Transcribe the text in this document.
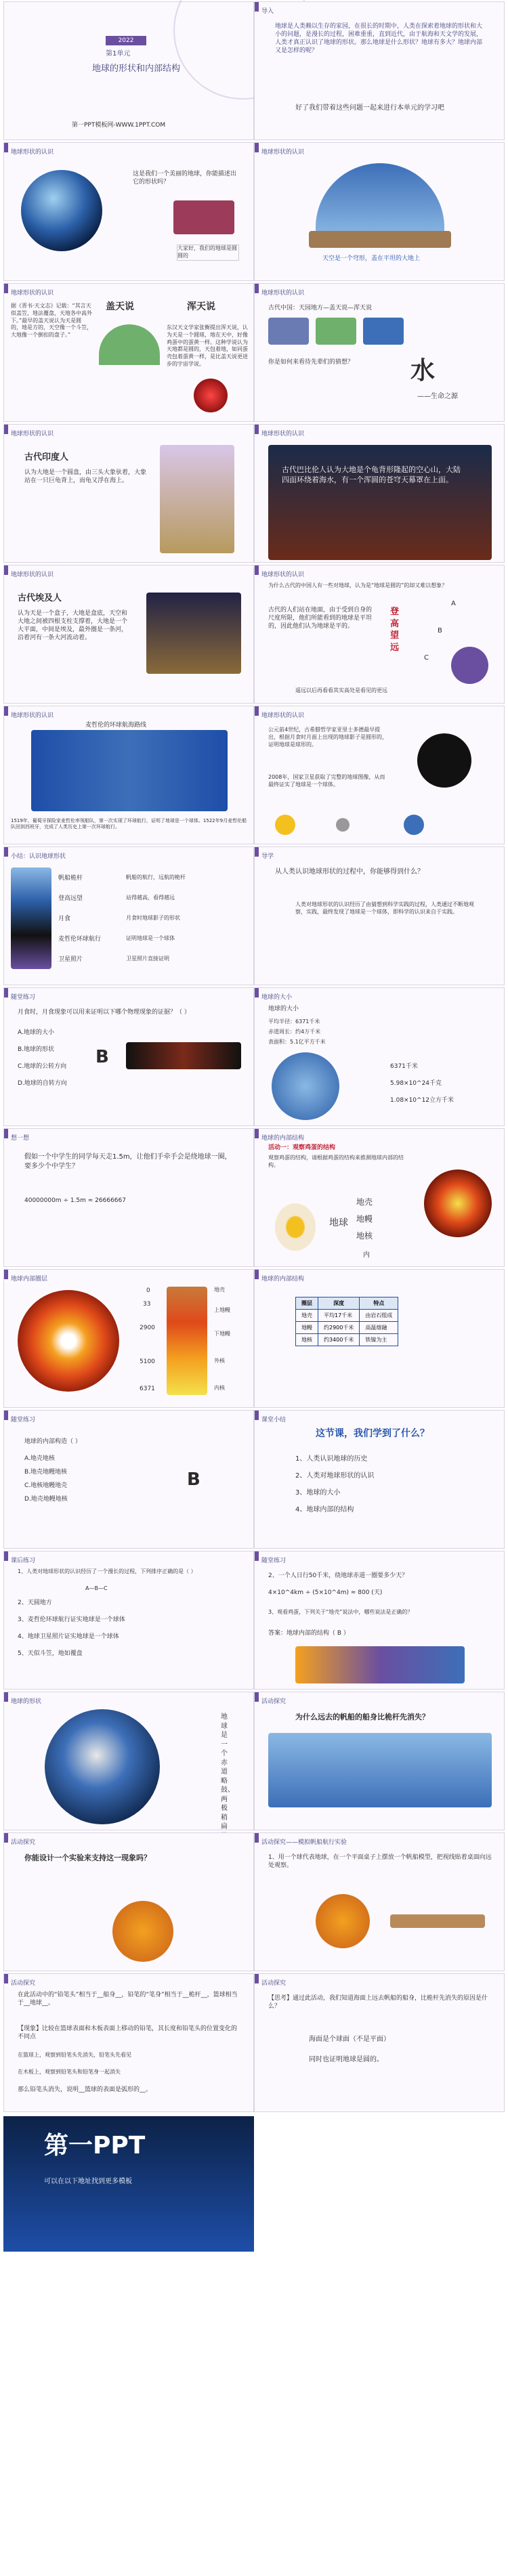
2022
第1单元
地球的形状和内部结构
第一PPT模板网-WWW.1PPT.COM
导入
地球是人类赖以生存的家园，在很长的时期中，人类在探索着地球的形状和大小的问题，是漫长的过程，困难重重，直到近代，由于航海和天文学的发展，人类才真正认识了地球的形状。那么地球是什么形状？地球有多大？地球内部又是怎样的呢？
好了我们带着这些问题一起来进行本单元的学习吧
地球形状的认识
这是我们一个美丽的地球，你能描述出它的形状吗？
大家好，我们的地球是圆圆的
地球形状的认识
天空是一个穹形，盖在平坦的大地上
地球形状的认识
据《晋书·天文志》记载：“其言天似盖笠，地法覆盘，天地各中高外下。”最早的盖天说认为天是圆的，地是方的，天空像一个斗笠，大地像一个倒扣的盘子。”
盖天说	浑天说
东汉天文学家张衡提出浑天说，认为天是一个圆球，地在天中，好像鸡蛋中的蛋黄一样。这种学说认为天地都是圆的，天包着地，如同蛋壳包着蛋黄一样，是比盖天说更进步的宇宙学说。
地球形状的认识
古代中国：天园地方—盖天说—浑天说
你是如何来看待先辈们的猜想？	水
——生命之源
地球形状的认识
古代印度人
认为大地是一个圆盘，由三头大象驮着，大象站在一只巨龟背上，而龟又浮在海上。
地球形状的认识
古代巴比伦人认为大地是个龟背形隆起的空心山，大陆四面环绕着海水，有一个浑圆的苍穹天幕罩在上面。
地球形状的认识
古代埃及人
认为天是一个盒子，大地是盒底，天空和大地之间被四根支柱支撑着，大地是一个大平面，中间是埃及，最外圈是一条河，沿着河有一条大河流动着。
地球形状的认识
为什么古代的中国人有一些对地球，认为是“地球是圆的”的却又难以想象？
古代的人们站在地面，由于受到自身的尺度所限，他们所能看到的地球是平坦的，因此他们认为地球是平的。
登高望远
A
B
C
遥远以后再看看其实高处是看见的更远
地球形状的认识
麦哲伦的环球航海路线
1519年，葡萄牙探险家麦哲伦率领船队，第一次实现了环球航行，证明了地球是一个球体。1522年9月麦哲伦船队回到西班牙，完成了人类历史上第一次环球航行。
地球形状的认识
公元前4世纪，古希腊哲学家亚里士多德最早提出，根据月食时月面上出现的地球影子是圆形的，证明地球是球形的。
2008年，国家卫星获取了完整的地球图像，从而最终证实了地球是一个球体。
小结：认识地球形状
帆船桅杆	帆船的航行，远航的桅杆
登高远望	站得越高，看得越远
月食	月食时地球影子的形状
麦哲伦环球航行	证明地球是一个球体
卫星照片	卫星照片直接证明
导学
从人类认识地球形状的过程中，你能够得到什么？
人类对地球形状的认识经历了由猜想到科学实践的过程，人类通过不断地观察，实践，最终发现了地球是一个球体，即科学的认识来自于实践。
随堂练习
月食时，月食现象可以用来证明以下哪个物理现象的证据？（ ）
A.地球的大小
B.地球的形状
C.地球的公转方向
D.地球的自转方向
B
地球的大小
地球的大小
平均半径：6371千米
赤道周长：约4万千米
表面积：5.1亿平方千米
6371千米
5.98×10^24千克
1.08×10^12立方千米
想一想
假如一个中学生的同学每天走1.5m，让他们手牵手会是绕地球一圈，要多少个中学生？
40000000m ÷ 1.5m ≈ 26666667
地球的内部结构
活动一：观察鸡蛋的结构
观察鸡蛋的结构，请根据鸡蛋的结构来推测地球内部的结构。
地球
地壳
地幔
地核
内
地球内部圈层
0
33
2900
5100
6371
地壳
上地幔
下地幔
外核
内核
地球的内部结构
圈层	深度	特点
地壳	平均17千米	由岩石组成
地幔	约2900千米	高温熔融
地核	约3400千米	铁镍为主
随堂练习
地球的内部构造（ ）
A.地壳地核
B.地壳地幔地核
C.地核地幔地壳
D.地壳地幔地核
B
课堂小结
这节课，我们学到了什么？
1、人类认识地球的历史
2、人类对地球形状的认识
3、地球的大小
4、地球内部的结构
课后练习
1、人类对地球形状的认识经历了一个漫长的过程，下列排序正确的是（ ）
A—B—C
2、天圆地方
3、麦哲伦环球航行证实地球是一个球体
4、地球卫星照片证实地球是一个球体
5、天似斗笠，地如覆盘
随堂练习
2、一个人日行50千米，绕地球赤道一圈要多少天？
4×10^4km ÷ (5×10^4m) ≈ 800 (天)
3、观看鸡蛋，下列关于“地壳”说法中，哪些说法是正确的？
答案：地球内部的结构（ B ）
地球的形状
地球是一个赤道略鼓、两极稍扁
活动探究
为什么远去的帆船的船身比桅杆先消失？
活动探究
你能设计一个实验来支持这一现象吗？
活动探究——模拟帆船航行实验
1、用一个球代表地球，在一个平面桌子上摆放一个帆船模型，把视线贴着桌面向远处观察。
活动探究
在此活动中的“铅笔头”相当于__船身__，铅笔的“笔身”相当于__桅杆__，篮球相当于__地球__。
【现象】比较在篮球表面和木板表面上移动的铅笔，其长度和铅笔头的位置变化的不同点
在篮球上，观察到铅笔头先消失，铅笔头先看见
在木板上，观察到铅笔头和铅笔身一起消失
那么铅笔头消失，说明__篮球的表面是弧形的__。
活动探究
【思考】通过此活动，我们知道海面上远去帆船的船身，比桅杆先消失的原因是什么？
海面是个球面（不是平面）
同时也证明地球是圆的。
第一PPT
可以在以下地址找到更多模板
